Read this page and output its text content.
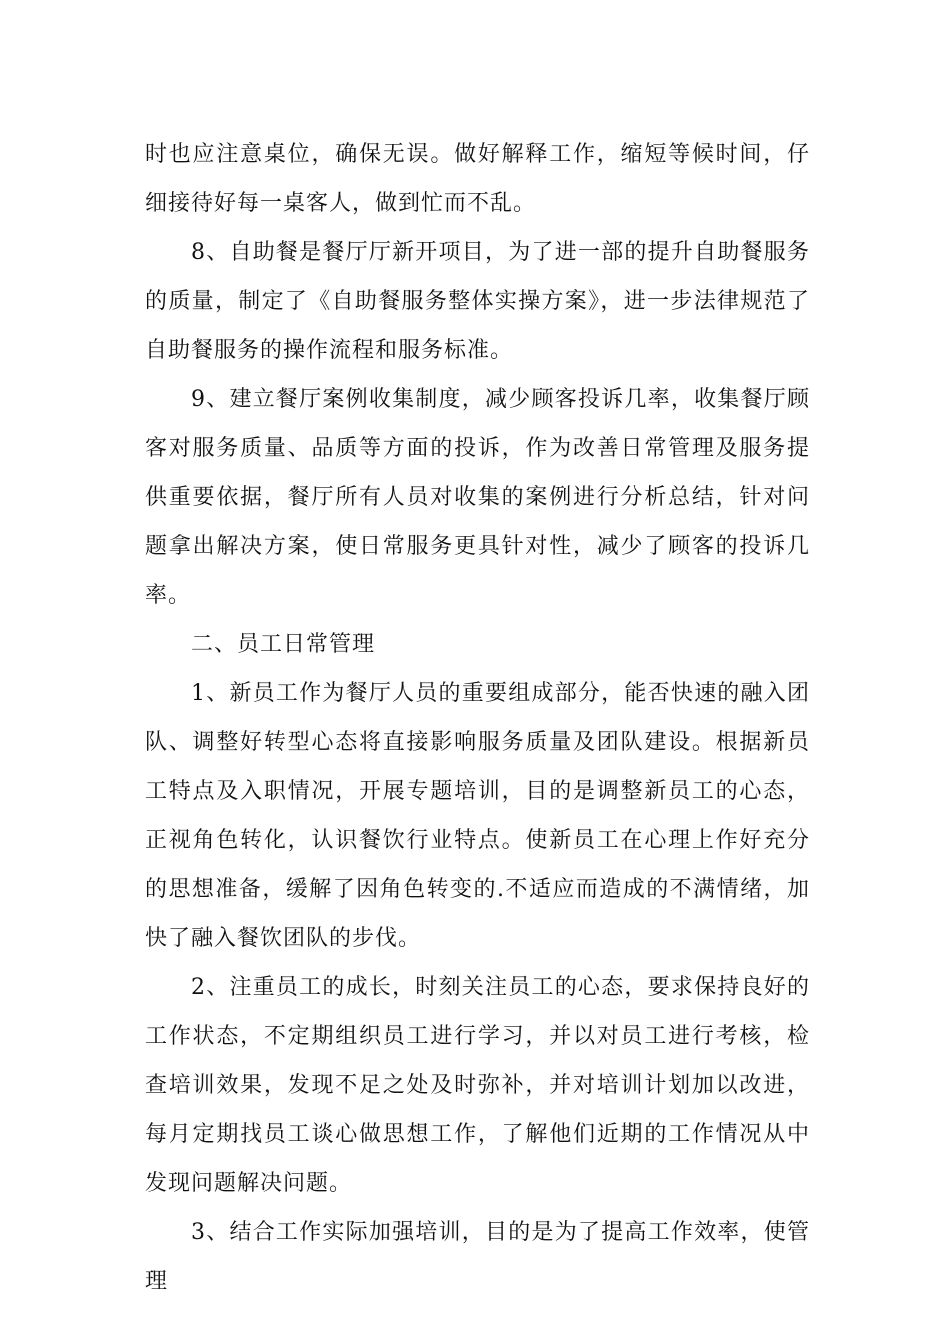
时也应注意桌位，确保无误。做好解释工作，缩短等候时间，仔细接待好每一桌客人，做到忙而不乱。

8、自助餐是餐厅厅新开项目，为了进一部的提升自助餐服务的质量，制定了《自助餐服务整体实操方案》，进一步法律规范了自助餐服务的操作流程和服务标准。

9、建立餐厅案例收集制度，减少顾客投诉几率，收集餐厅顾客对服务质量、品质等方面的投诉，作为改善日常管理及服务提供重要依据，餐厅所有人员对收集的案例进行分析总结，针对问题拿出解决方案，使日常服务更具针对性，减少了顾客的投诉几率。

二、员工日常管理

1、新员工作为餐厅人员的重要组成部分，能否快速的融入团队、调整好转型心态将直接影响服务质量及团队建设。根据新员工特点及入职情况，开展专题培训，目的是调整新员工的心态，正视角色转化，认识餐饮行业特点。使新员工在心理上作好充分的思想准备，缓解了因角色转变的.不适应而造成的不满情绪，加快了融入餐饮团队的步伐。

2、注重员工的成长，时刻关注员工的心态，要求保持良好的工作状态，不定期组织员工进行学习，并以对员工进行考核，检查培训效果，发现不足之处及时弥补，并对培训计划加以改进，每月定期找员工谈心做思想工作，了解他们近期的工作情况从中发现问题解决问题。

3、结合工作实际加强培训，目的是为了提高工作效率，使管理
